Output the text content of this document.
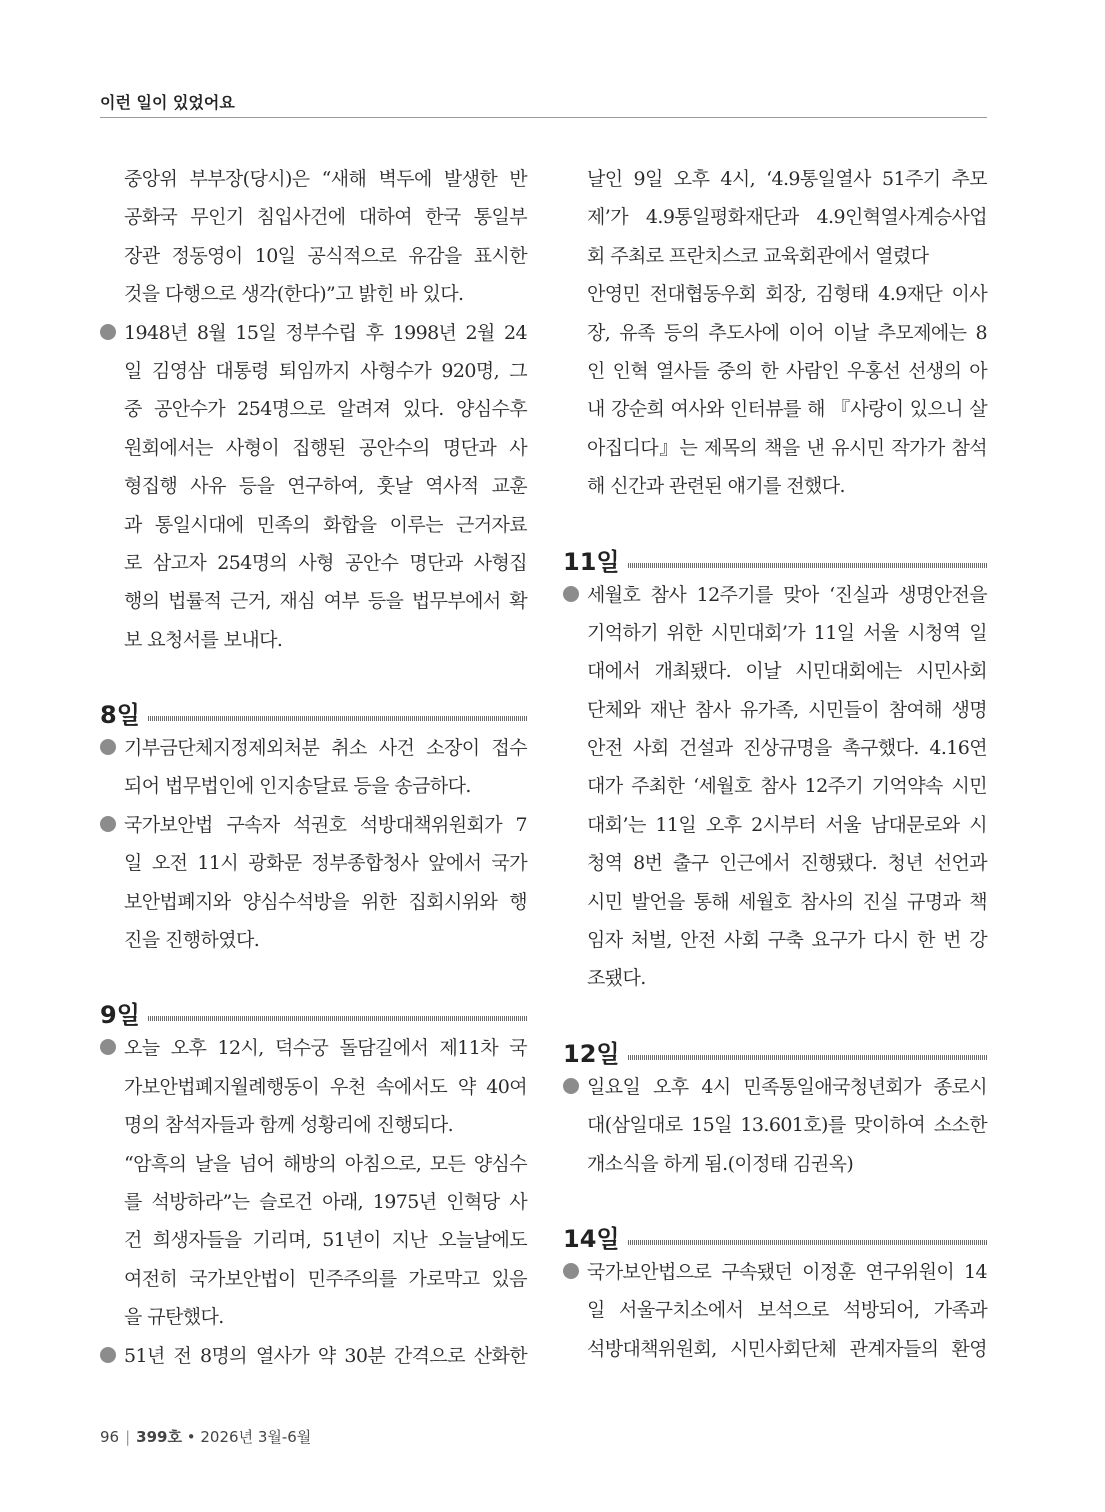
이런 일이 있었어요
중앙위 부부장(당시)은 “새해 벽두에 발생한 반
공화국 무인기 침입사건에 대하여 한국 통일부
장관 정동영이 10일 공식적으로 유감을 표시한
것을 다행으로 생각(한다)”고 밝힌 바 있다.
1948년 8월 15일 정부수립 후 1998년 2월 24
일 김영삼 대통령 퇴임까지 사형수가 920명, 그
중 공안수가 254명으로 알려져 있다. 양심수후
원회에서는 사형이 집행된 공안수의 명단과 사
형집행 사유 등을 연구하여, 훗날 역사적 교훈
과 통일시대에 민족의 화합을 이루는 근거자료
로 삼고자 254명의 사형 공안수 명단과 사형집
행의 법률적 근거, 재심 여부 등을 법무부에서 확
보 요청서를 보내다.
8일
기부금단체지정제외처분 취소 사건 소장이 접수
되어 법무법인에 인지송달료 등을 송금하다.
국가보안법 구속자 석권호 석방대책위원회가 7
일 오전 11시 광화문 정부종합청사 앞에서 국가
보안법폐지와 양심수석방을 위한 집회시위와 행
진을 진행하였다.
9일
오늘 오후 12시, 덕수궁 돌담길에서 제11차 국
가보안법폐지월례행동이 우천 속에서도 약 40여
명의 참석자들과 함께 성황리에 진행되다.
“암흑의 날을 넘어 해방의 아침으로, 모든 양심수
를 석방하라”는 슬로건 아래, 1975년 인혁당 사
건 희생자들을 기리며, 51년이 지난 오늘날에도
여전히 국가보안법이 민주주의를 가로막고 있음
을 규탄했다.
51년 전 8명의 열사가 약 30분 간격으로 산화한
날인 9일 오후 4시, ‘4.9통일열사 51주기 추모
제’가 4.9통일평화재단과 4.9인혁열사계승사업
회 주최로 프란치스코 교육회관에서 열렸다
안영민 전대협동우회 회장, 김형태 4.9재단 이사
장, 유족 등의 추도사에 이어 이날 추모제에는 8
인 인혁 열사들 중의 한 사람인 우홍선 선생의 아
내 강순희 여사와 인터뷰를 해 『사랑이 있으니 살
아집디다』는 제목의 책을 낸 유시민 작가가 참석
해 신간과 관련된 얘기를 전했다.
11일
세월호 참사 12주기를 맞아 ‘진실과 생명안전을
기억하기 위한 시민대회’가 11일 서울 시청역 일
대에서 개최됐다. 이날 시민대회에는 시민사회
단체와 재난 참사 유가족, 시민들이 참여해 생명
안전 사회 건설과 진상규명을 촉구했다. 4.16연
대가 주최한 ‘세월호 참사 12주기 기억약속 시민
대회’는 11일 오후 2시부터 서울 남대문로와 시
청역 8번 출구 인근에서 진행됐다. 청년 선언과
시민 발언을 통해 세월호 참사의 진실 규명과 책
임자 처벌, 안전 사회 구축 요구가 다시 한 번 강
조됐다.
12일
일요일 오후 4시 민족통일애국청년회가 종로시
대(삼일대로 15일 13.601호)를 맞이하여 소소한
개소식을 하게 됨.(이정태 김권옥)
14일
국가보안법으로 구속됐던 이정훈 연구위원이 14
일 서울구치소에서 보석으로 석방되어, 가족과
석방대책위원회, 시민사회단체 관계자들의 환영
96 | 399호 • 2026년 3월-6월
